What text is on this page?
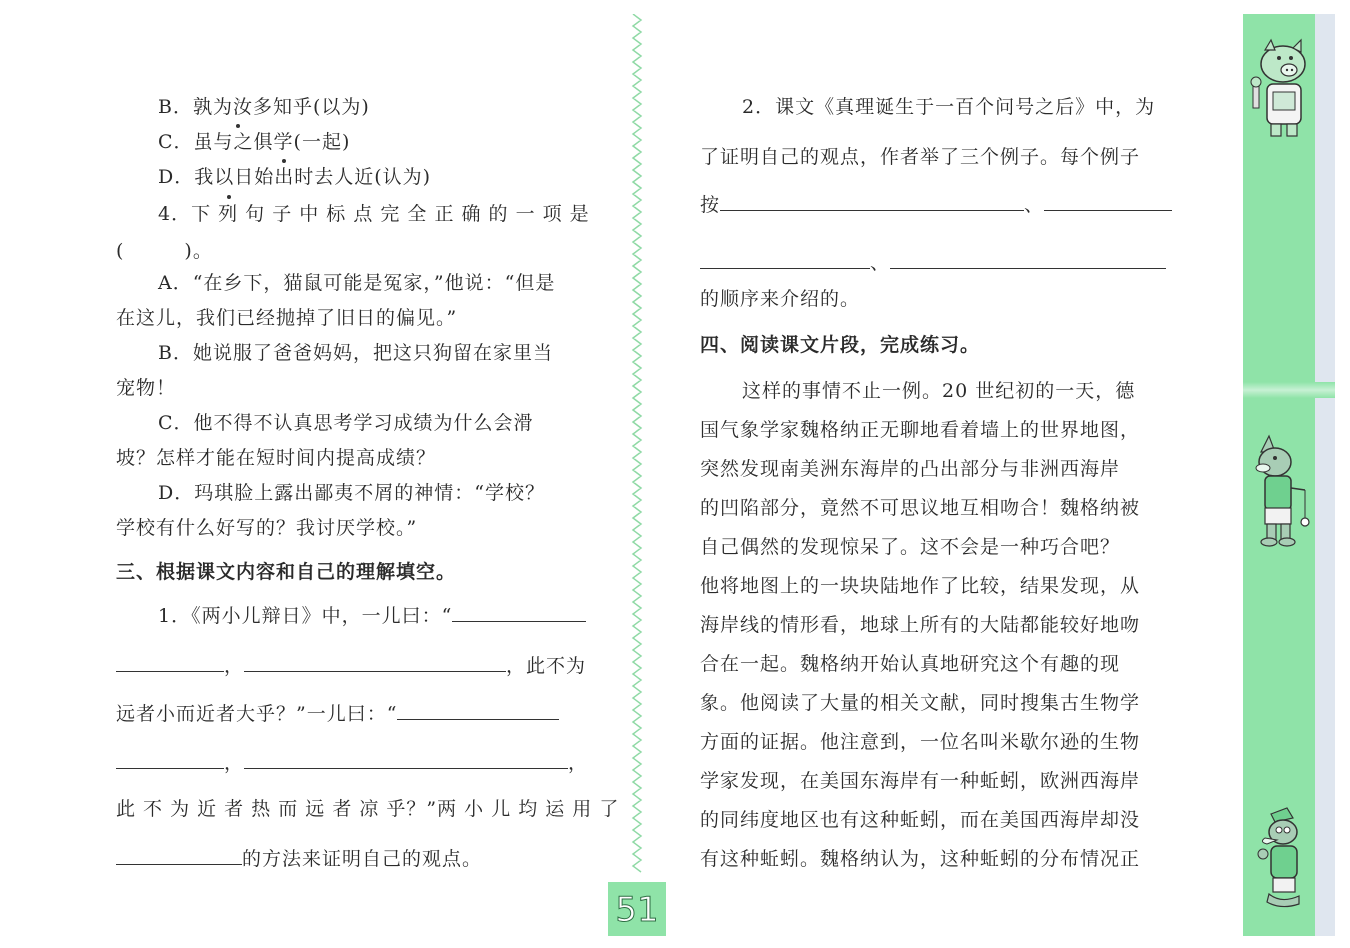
B．孰为汝多知乎(以为)
C．虽与之俱学(一起)
D．我以日始出时去人近(认为)
4．下 列 句 子 中 标 点 完 全 正 确 的 一 项 是
(　　　)。
A．“在乡下，猫鼠可能是冤家，”他说：“但是
在这儿，我们已经抛掉了旧日的偏见。”
B．她说服了爸爸妈妈，把这只狗留在家里当
宠物！
C．他不得不认真思考学习成绩为什么会滑
坡？怎样才能在短时间内提高成绩？
D．玛琪脸上露出鄙夷不屑的神情：“学校？
学校有什么好写的？我讨厌学校。”
三、根据课文内容和自己的理解填空。
1．《两小儿辩日》中，一儿曰：“
，	，此不为
远者小而近者大乎？”一儿曰：“
，	，
此 不 为 近 者 热 而 远 者 凉 乎？”两 小 儿 均 运 用 了
的方法来证明自己的观点。
2．课文《真理诞生于一百个问号之后》中，为
了证明自己的观点，作者举了三个例子。每个例子
按	、
、
的顺序来介绍的。
四、阅读课文片段，完成练习。
这样的事情不止一例。20 世纪初的一天，德
国气象学家魏格纳正无聊地看着墙上的世界地图，
突然发现南美洲东海岸的凸出部分与非洲西海岸
的凹陷部分，竟然不可思议地互相吻合！魏格纳被
自己偶然的发现惊呆了。这不会是一种巧合吧？
他将地图上的一块块陆地作了比较，结果发现，从
海岸线的情形看，地球上所有的大陆都能较好地吻
合在一起。魏格纳开始认真地研究这个有趣的现
象。他阅读了大量的相关文献，同时搜集古生物学
方面的证据。他注意到，一位名叫米歇尔逊的生物
学家发现，在美国东海岸有一种蚯蚓，欧洲西海岸
的同纬度地区也有这种蚯蚓，而在美国西海岸却没
有这种蚯蚓。魏格纳认为，这种蚯蚓的分布情况正
51
